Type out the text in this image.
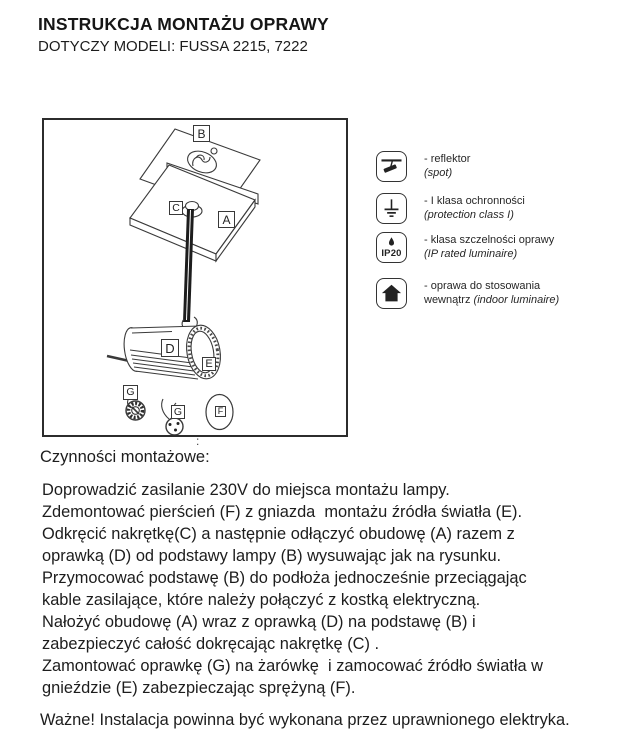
INSTRUKCJA MONTAŻU OPRAWY
DOTYCZY MODELI: FUSSA 2215, 7222
B
C
A
D
E
G
G	F
:
- reflektor
(spot)
- I klasa ochronności
(protection class I)
IP20
- klasa szczelności oprawy
(IP rated luminaire)
- oprawa do stosowania
wewnątrz (indoor luminaire)
Czynności montażowe:
Doprowadzić zasilanie 230V do miejsca montażu lampy.
Zdemontować pierścień (F) z gniazda  montażu źródła światła (E).
Odkręcić nakrętkę(C) a następnie odłączyć obudowę (A) razem z
oprawką (D) od podstawy lampy (B) wysuwając jak na rysunku.
Przymocować podstawę (B) do podłoża jednocześnie przeciągając
kable zasilające, które należy połączyć z kostką elektryczną.
Nałożyć obudowę (A) wraz z oprawką (D) na podstawę (B) i
zabezpieczyć całość dokręcając nakrętkę (C) .
Zamontować oprawkę (G) na żarówkę  i zamocować źródło światła w
gnieździe (E) zabezpieczając sprężyną (F).
Ważne! Instalacja powinna być wykonana przez uprawnionego elektryka.
